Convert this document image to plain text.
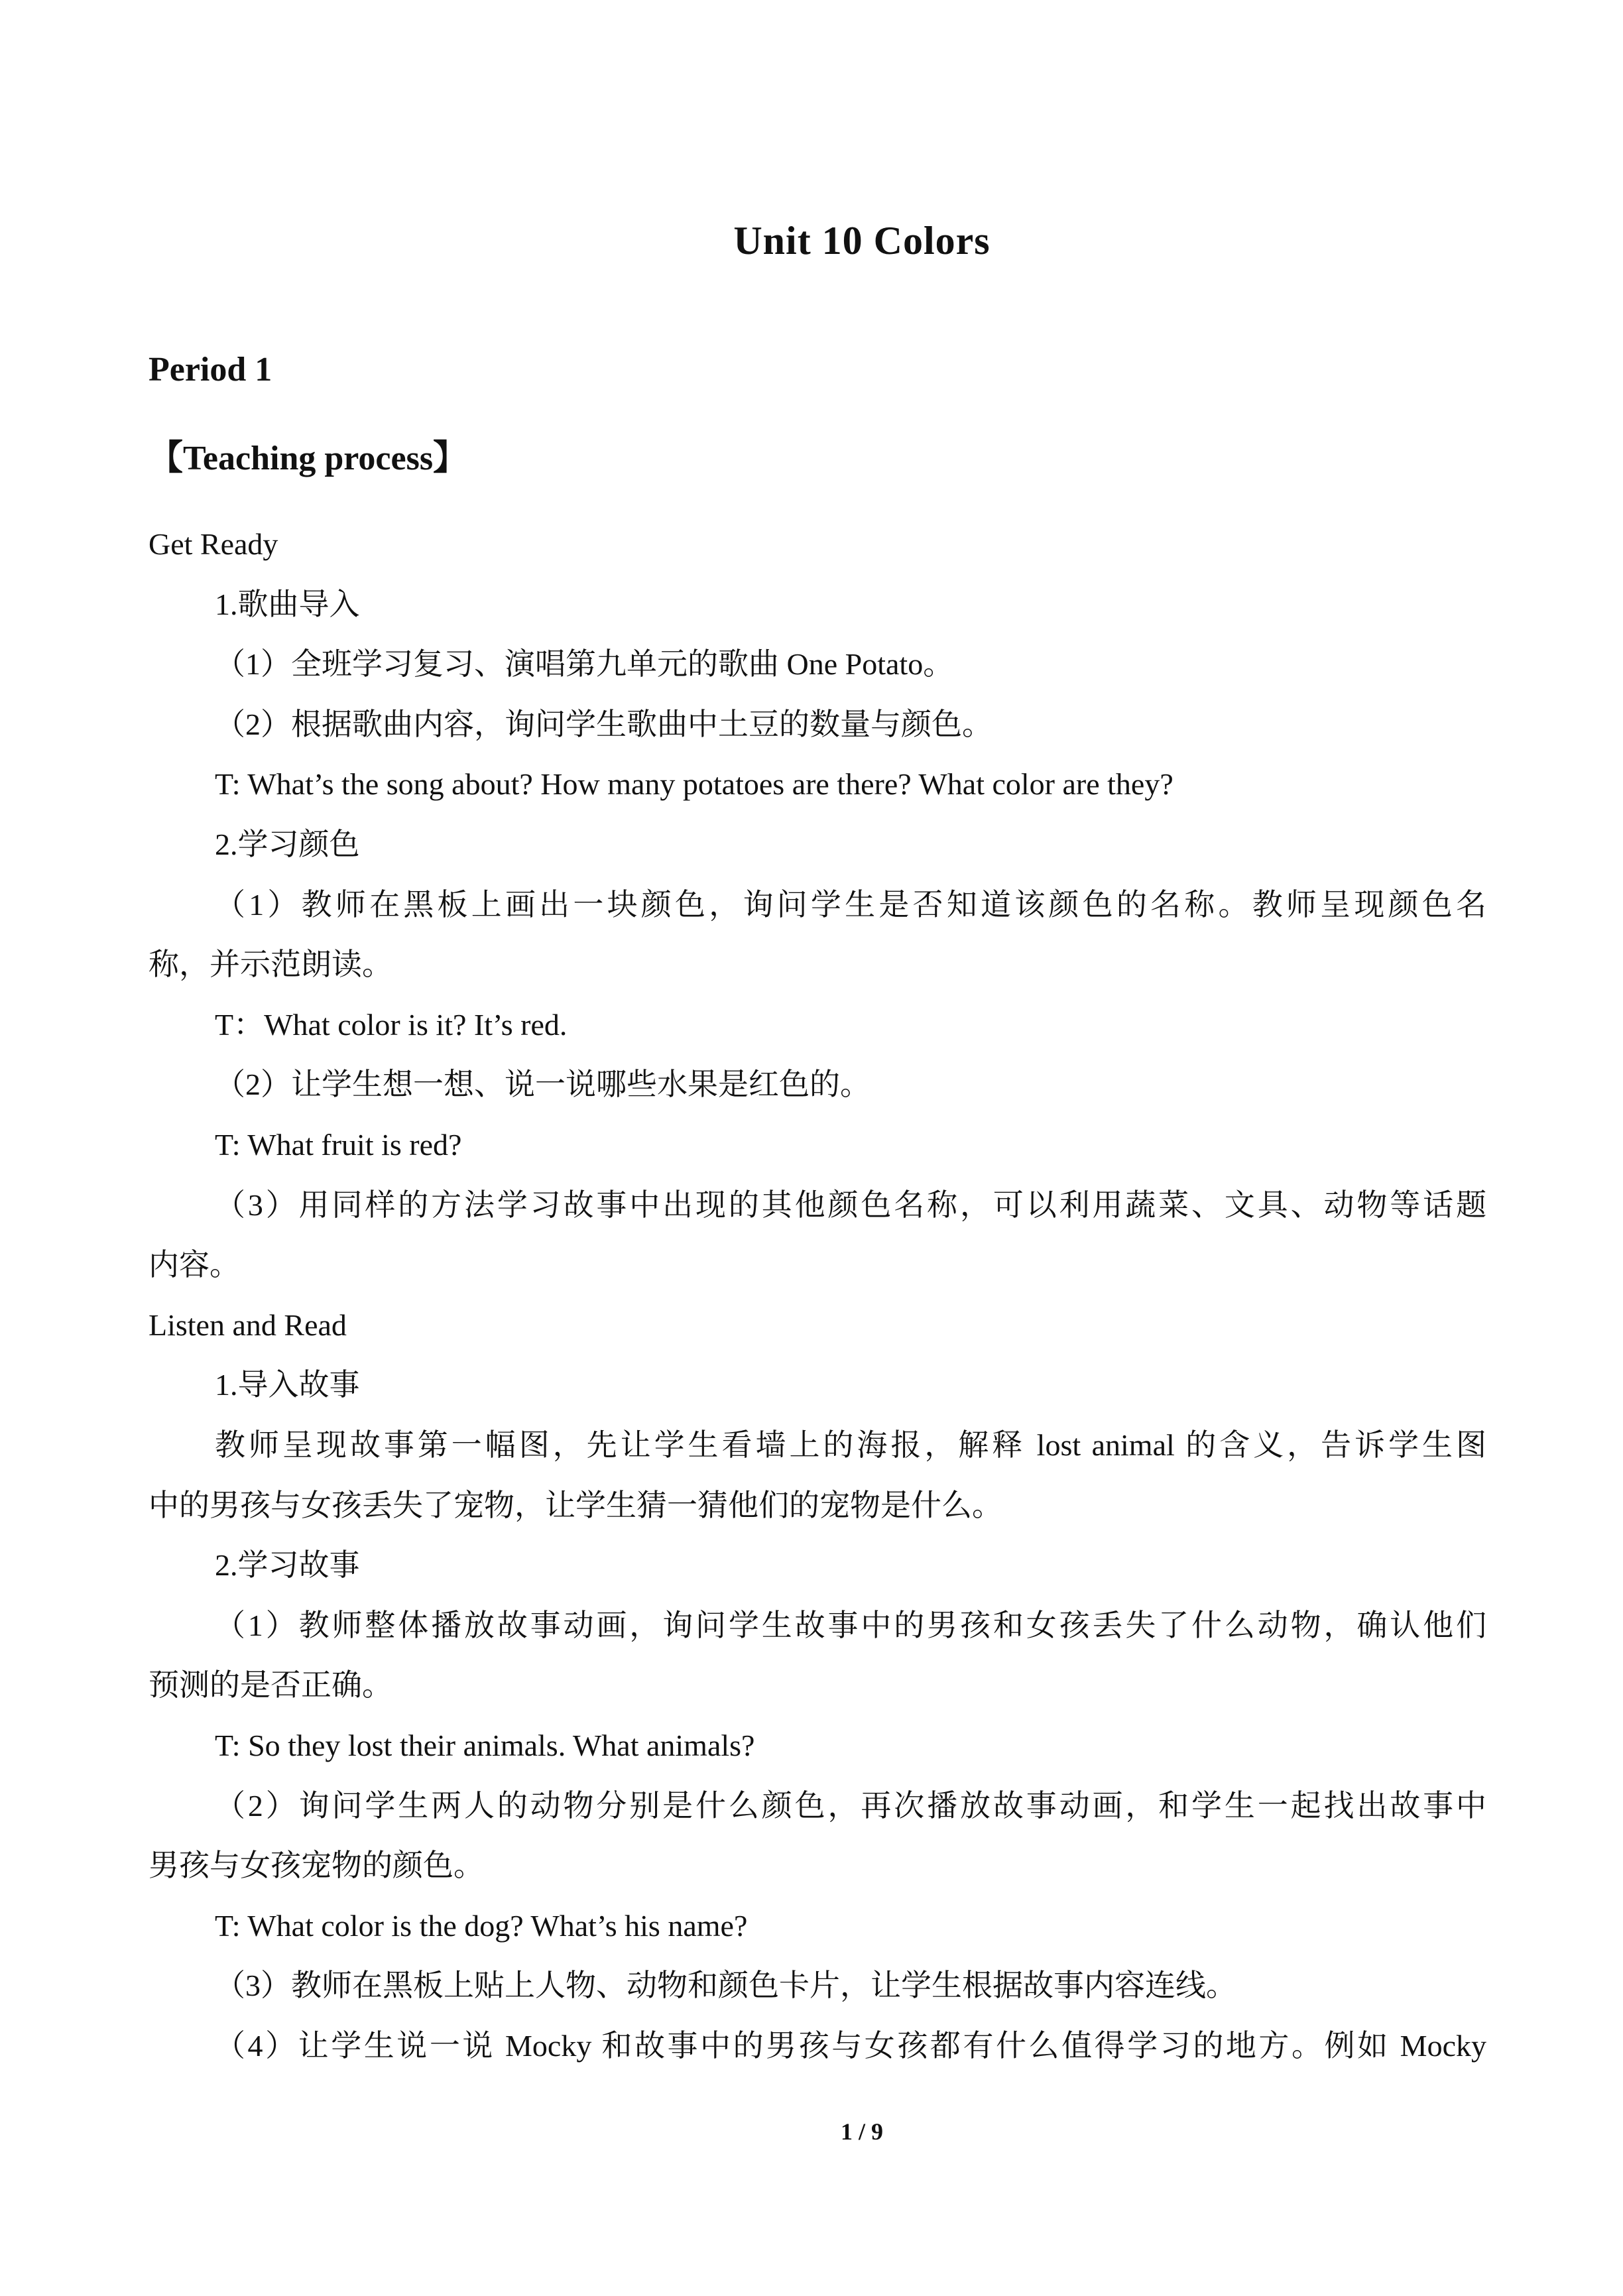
Unit 10 Colors
Period 1
【Teaching process】
Get Ready
1.歌曲导入
（1）全班学习复习、演唱第九单元的歌曲 One Potato。
（2）根据歌曲内容，询问学生歌曲中土豆的数量与颜色。
T: What’s the song about? How many potatoes are there? What color are they?
2.学习颜色
（1）教师在黑板上画出一块颜色，询问学生是否知道该颜色的名称。教师呈现颜色名
称，并示范朗读。
T：What color is it? It’s red.
（2）让学生想一想、说一说哪些水果是红色的。
T: What fruit is red?
（3）用同样的方法学习故事中出现的其他颜色名称，可以利用蔬菜、文具、动物等话题
内容。
Listen and Read
1.导入故事
教师呈现故事第一幅图，先让学生看墙上的海报，解释 lost animal 的含义，告诉学生图
中的男孩与女孩丢失了宠物，让学生猜一猜他们的宠物是什么。
2.学习故事
（1）教师整体播放故事动画，询问学生故事中的男孩和女孩丢失了什么动物，确认他们
预测的是否正确。
T: So they lost their animals. What animals?
（2）询问学生两人的动物分别是什么颜色，再次播放故事动画，和学生一起找出故事中
男孩与女孩宠物的颜色。
T: What color is the dog? What’s his name?
（3）教师在黑板上贴上人物、动物和颜色卡片，让学生根据故事内容连线。
（4）让学生说一说 Mocky 和故事中的男孩与女孩都有什么值得学习的地方。例如 Mocky
1 / 9
